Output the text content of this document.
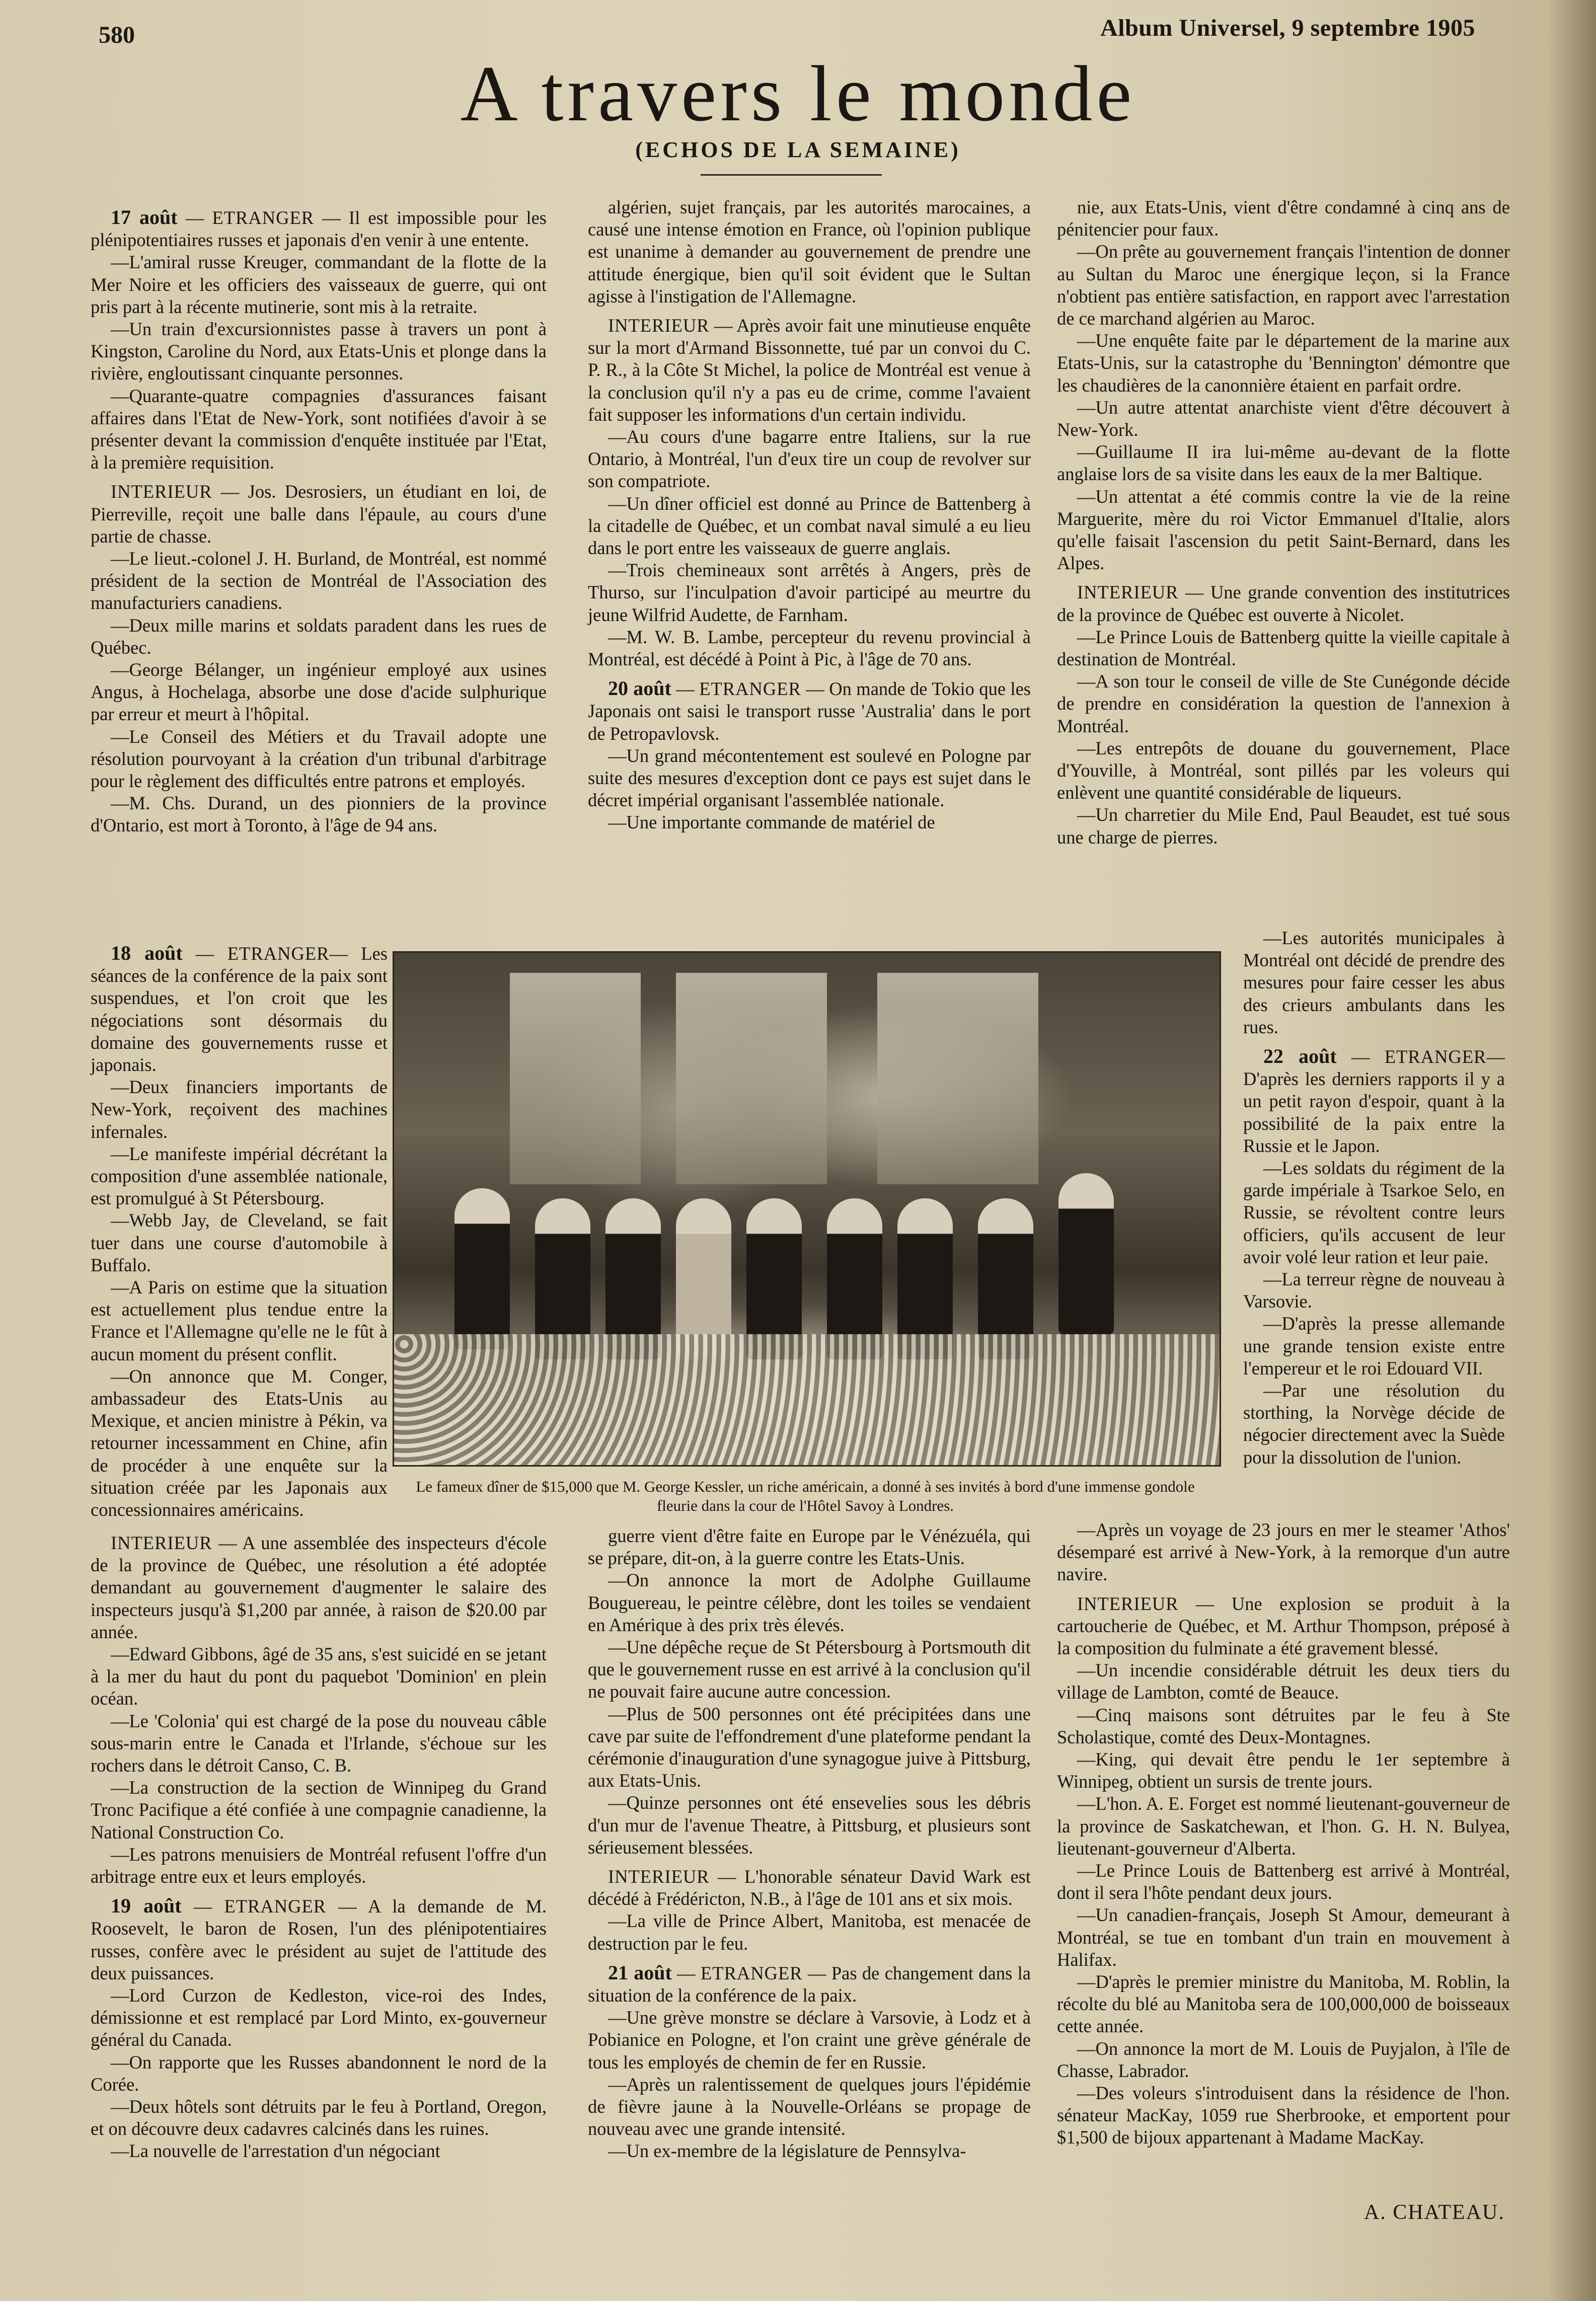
580	Album Universel, 9 septembre 1905
A travers le monde
(ECHOS DE LA SEMAINE)

17 août — ETRANGER — Il est impossible pour les plénipotentiaires russes et japonais d'en venir à une entente.

—L'amiral russe Kreuger, commandant de la flotte de la Mer Noire et les officiers des vaisseaux de guerre, qui ont pris part à la récente mutinerie, sont mis à la retraite.

—Un train d'excursionnistes passe à travers un pont à Kingston, Caroline du Nord, aux Etats-Unis et plonge dans la rivière, engloutissant cinquante personnes.

—Quarante-quatre compagnies d'assurances faisant affaires dans l'Etat de New-York, sont notifiées d'avoir à se présenter devant la commission d'enquête instituée par l'Etat, à la première requisition.

INTERIEUR — Jos. Desrosiers, un étudiant en loi, de Pierreville, reçoit une balle dans l'épaule, au cours d'une partie de chasse.

—Le lieut.-colonel J. H. Burland, de Montréal, est nommé président de la section de Montréal de l'Association des manufacturiers canadiens.

—Deux mille marins et soldats paradent dans les rues de Québec.

—George Bélanger, un ingénieur employé aux usines Angus, à Hochelaga, absorbe une dose d'acide sulphurique par erreur et meurt à l'hôpital.

—Le Conseil des Métiers et du Travail adopte une résolution pourvoyant à la création d'un tribunal d'arbitrage pour le règlement des difficultés entre patrons et employés.

—M. Chs. Durand, un des pionniers de la province d'Ontario, est mort à Toronto, à l'âge de 94 ans.

18 août — ETRANGER— Les séances de la conférence de la paix sont suspendues, et l'on croit que les négociations sont désormais du domaine des gouvernements russe et japonais.

—Deux financiers importants de New-York, reçoivent des machines infernales.

—Le manifeste impérial décrétant la composition d'une assemblée nationale, est promulgué à St Pétersbourg.

—Webb Jay, de Cleveland, se fait tuer dans une course d'automobile à Buffalo.

—A Paris on estime que la situation est actuellement plus tendue entre la France et l'Allemagne qu'elle ne le fût à aucun moment du présent conflit.

—On annonce que M. Conger, ambassadeur des Etats-Unis au Mexique, et ancien ministre à Pékin, va retourner incessamment en Chine, afin de procéder à une enquête sur la situation créée par les Japonais aux concessionnaires américains.

INTERIEUR — A une assemblée des inspecteurs d'école de la province de Québec, une résolution a été adoptée demandant au gouvernement d'augmenter le salaire des inspecteurs jusqu'à $1,200 par année, à raison de $20.00 par année.

—Edward Gibbons, âgé de 35 ans, s'est suicidé en se jetant à la mer du haut du pont du paquebot 'Dominion' en plein océan.

—Le 'Colonia' qui est chargé de la pose du nouveau câble sous-marin entre le Canada et l'Irlande, s'échoue sur les rochers dans le détroit Canso, C. B.

—La construction de la section de Winnipeg du Grand Tronc Pacifique a été confiée à une compagnie canadienne, la National Construction Co.

—Les patrons menuisiers de Montréal refusent l'offre d'un arbitrage entre eux et leurs employés.

19 août — ETRANGER — A la demande de M. Roosevelt, le baron de Rosen, l'un des plénipotentiaires russes, confère avec le président au sujet de l'attitude des deux puissances.

—Lord Curzon de Kedleston, vice-roi des Indes, démissionne et est remplacé par Lord Minto, ex-gouverneur général du Canada.

—On rapporte que les Russes abandonnent le nord de la Corée.

—Deux hôtels sont détruits par le feu à Portland, Oregon, et on découvre deux cadavres calcinés dans les ruines.

—La nouvelle de l'arrestation d'un négociant

algérien, sujet français, par les autorités marocaines, a causé une intense émotion en France, où l'opinion publique est unanime à demander au gouvernement de prendre une attitude énergique, bien qu'il soit évident que le Sultan agisse à l'instigation de l'Allemagne.

INTERIEUR — Après avoir fait une minutieuse enquête sur la mort d'Armand Bissonnette, tué par un convoi du C. P. R., à la Côte St Michel, la police de Montréal est venue à la conclusion qu'il n'y a pas eu de crime, comme l'avaient fait supposer les informations d'un certain individu.

—Au cours d'une bagarre entre Italiens, sur la rue Ontario, à Montréal, l'un d'eux tire un coup de revolver sur son compatriote.

—Un dîner officiel est donné au Prince de Battenberg à la citadelle de Québec, et un combat naval simulé a eu lieu dans le port entre les vaisseaux de guerre anglais.

—Trois chemineaux sont arrêtés à Angers, près de Thurso, sur l'inculpation d'avoir participé au meurtre du jeune Wilfrid Audette, de Farnham.

—M. W. B. Lambe, percepteur du revenu provincial à Montréal, est décédé à Point à Pic, à l'âge de 70 ans.

20 août — ETRANGER — On mande de Tokio que les Japonais ont saisi le transport russe 'Australia' dans le port de Petropavlovsk.

—Un grand mécontentement est soulevé en Pologne par suite des mesures d'exception dont ce pays est sujet dans le décret impérial organisant l'assemblée nationale.

—Une importante commande de matériel de

guerre vient d'être faite en Europe par le Vénézuéla, qui se prépare, dit-on, à la guerre contre les Etats-Unis.

—On annonce la mort de Adolphe Guillaume Bouguereau, le peintre célèbre, dont les toiles se vendaient en Amérique à des prix très élevés.

—Une dépêche reçue de St Pétersbourg à Portsmouth dit que le gouvernement russe en est arrivé à la conclusion qu'il ne pouvait faire aucune autre concession.

—Plus de 500 personnes ont été précipitées dans une cave par suite de l'effondrement d'une plateforme pendant la cérémonie d'inauguration d'une synagogue juive à Pittsburg, aux Etats-Unis.

—Quinze personnes ont été ensevelies sous les débris d'un mur de l'avenue Theatre, à Pittsburg, et plusieurs sont sérieusement blessées.

INTERIEUR — L'honorable sénateur David Wark est décédé à Frédéricton, N.B., à l'âge de 101 ans et six mois.

—La ville de Prince Albert, Manitoba, est menacée de destruction par le feu.

21 août — ETRANGER — Pas de changement dans la situation de la conférence de la paix.

—Une grève monstre se déclare à Varsovie, à Lodz et à Pobianice en Pologne, et l'on craint une grève générale de tous les employés de chemin de fer en Russie.

—Après un ralentissement de quelques jours l'épidémie de fièvre jaune à la Nouvelle-Orléans se propage de nouveau avec une grande intensité.

—Un ex-membre de la législature de Pennsylva-

nie, aux Etats-Unis, vient d'être condamné à cinq ans de pénitencier pour faux.

—On prête au gouvernement français l'intention de donner au Sultan du Maroc une énergique leçon, si la France n'obtient pas entière satisfaction, en rapport avec l'arrestation de ce marchand algérien au Maroc.

—Une enquête faite par le département de la marine aux Etats-Unis, sur la catastrophe du 'Bennington' démontre que les chaudières de la canonnière étaient en parfait ordre.

—Un autre attentat anarchiste vient d'être découvert à New-York.

—Guillaume II ira lui-même au-devant de la flotte anglaise lors de sa visite dans les eaux de la mer Baltique.

—Un attentat a été commis contre la vie de la reine Marguerite, mère du roi Victor Emmanuel d'Italie, alors qu'elle faisait l'ascension du petit Saint-Bernard, dans les Alpes.

INTERIEUR — Une grande convention des institutrices de la province de Québec est ouverte à Nicolet.

—Le Prince Louis de Battenberg quitte la vieille capitale à destination de Montréal.

—A son tour le conseil de ville de Ste Cunégonde décide de prendre en considération la question de l'annexion à Montréal.

—Les entrepôts de douane du gouvernement, Place d'Youville, à Montréal, sont pillés par les voleurs qui enlèvent une quantité considérable de liqueurs.

—Un charretier du Mile End, Paul Beaudet, est tué sous une charge de pierres.

—Les autorités municipales à Montréal ont décidé de prendre des mesures pour faire cesser les abus des crieurs ambulants dans les rues.

22 août — ETRANGER— D'après les derniers rapports il y a un petit rayon d'espoir, quant à la possibilité de la paix entre la Russie et le Japon.

—Les soldats du régiment de la garde impériale à Tsarkoe Selo, en Russie, se révoltent contre leurs officiers, qu'ils accusent de leur avoir volé leur ration et leur paie.

—La terreur règne de nouveau à Varsovie.

—D'après la presse allemande une grande tension existe entre l'empereur et le roi Edouard VII.

—Par une résolution du storthing, la Norvège décide de négocier directement avec la Suède pour la dissolution de l'union.

—Après un voyage de 23 jours en mer le steamer 'Athos' désemparé est arrivé à New-York, à la remorque d'un autre navire.

INTERIEUR — Une explosion se produit à la cartoucherie de Québec, et M. Arthur Thompson, préposé à la composition du fulminate a été gravement blessé.

—Un incendie considérable détruit les deux tiers du village de Lambton, comté de Beauce.

—Cinq maisons sont détruites par le feu à Ste Scholastique, comté des Deux-Montagnes.

—King, qui devait être pendu le 1er septembre à Winnipeg, obtient un sursis de trente jours.

—L'hon. A. E. Forget est nommé lieutenant-gouverneur de la province de Saskatchewan, et l'hon. G. H. N. Bulyea, lieutenant-gouverneur d'Alberta.

—Le Prince Louis de Battenberg est arrivé à Montréal, dont il sera l'hôte pendant deux jours.

—Un canadien-français, Joseph St Amour, demeurant à Montréal, se tue en tombant d'un train en mouvement à Halifax.

—D'après le premier ministre du Manitoba, M. Roblin, la récolte du blé au Manitoba sera de 100,000,000 de boisseaux cette année.

—On annonce la mort de M. Louis de Puyjalon, à l'île de Chasse, Labrador.

—Des voleurs s'introduisent dans la résidence de l'hon. sénateur MacKay, 1059 rue Sherbrooke, et emportent pour $1,500 de bijoux appartenant à Madame MacKay.

Le fameux dîner de $15,000 que M. George Kessler, un riche américain, a donné à ses invités à bord d'une immense gondole fleurie dans la cour de l'Hôtel Savoy à Londres.
A. CHATEAU.
